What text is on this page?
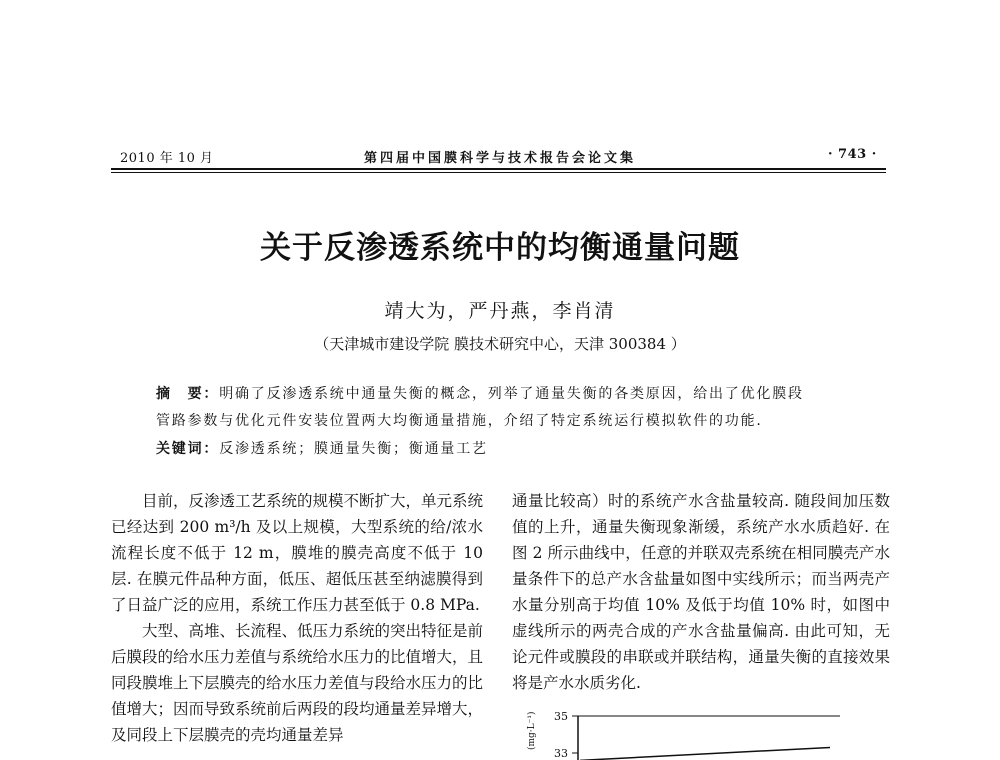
2010 年 10 月	第四届中国膜科学与技术报告会论文集	· 743 ·
关于反渗透系统中的均衡通量问题
靖大为，严丹燕，李肖清
（天津城市建设学院 膜技术研究中心，天津 300384 ）
摘　要：明确了反渗透系统中通量失衡的概念，列举了通量失衡的各类原因，给出了优化膜段
管路参数与优化元件安装位置两大均衡通量措施，介绍了特定系统运行模拟软件的功能.
关键词：反渗透系统；膜通量失衡；衡通量工艺

目前，反渗透工艺系统的规模不断扩大，单元系统已经达到 200 m³/h 及以上规模，大型系统的给/浓水流程长度不低于 12 m，膜堆的膜壳高度不低于 10 层. 在膜元件品种方面，低压、超低压甚至纳滤膜得到了日益广泛的应用，系统工作压力甚至低于 0.8 MPa.

大型、高堆、长流程、低压力系统的突出特征是前后膜段的给水压力差值与系统给水压力的比值增大，且同段膜堆上下层膜壳的给水压力差值与段给水压力的比值增大；因而导致系统前后两段的段均通量差异增大，及同段上下层膜壳的壳均通量差异

通量比较高）时的系统产水含盐量较高. 随段间加压数值的上升，通量失衡现象渐缓，系统产水水质趋好. 在图 2 所示曲线中，任意的并联双壳系统在相同膜壳产水量条件下的总产水含盐量如图中实线所示；而当两壳产水量分别高于均值 10% 及低于均值 10% 时，如图中虚线所示的两壳合成的产水含盐量偏高. 由此可知，无论元件或膜段的串联或并联结构，通量失衡的直接效果将是产水水质劣化.

(mg·L⁻¹) 35
33
